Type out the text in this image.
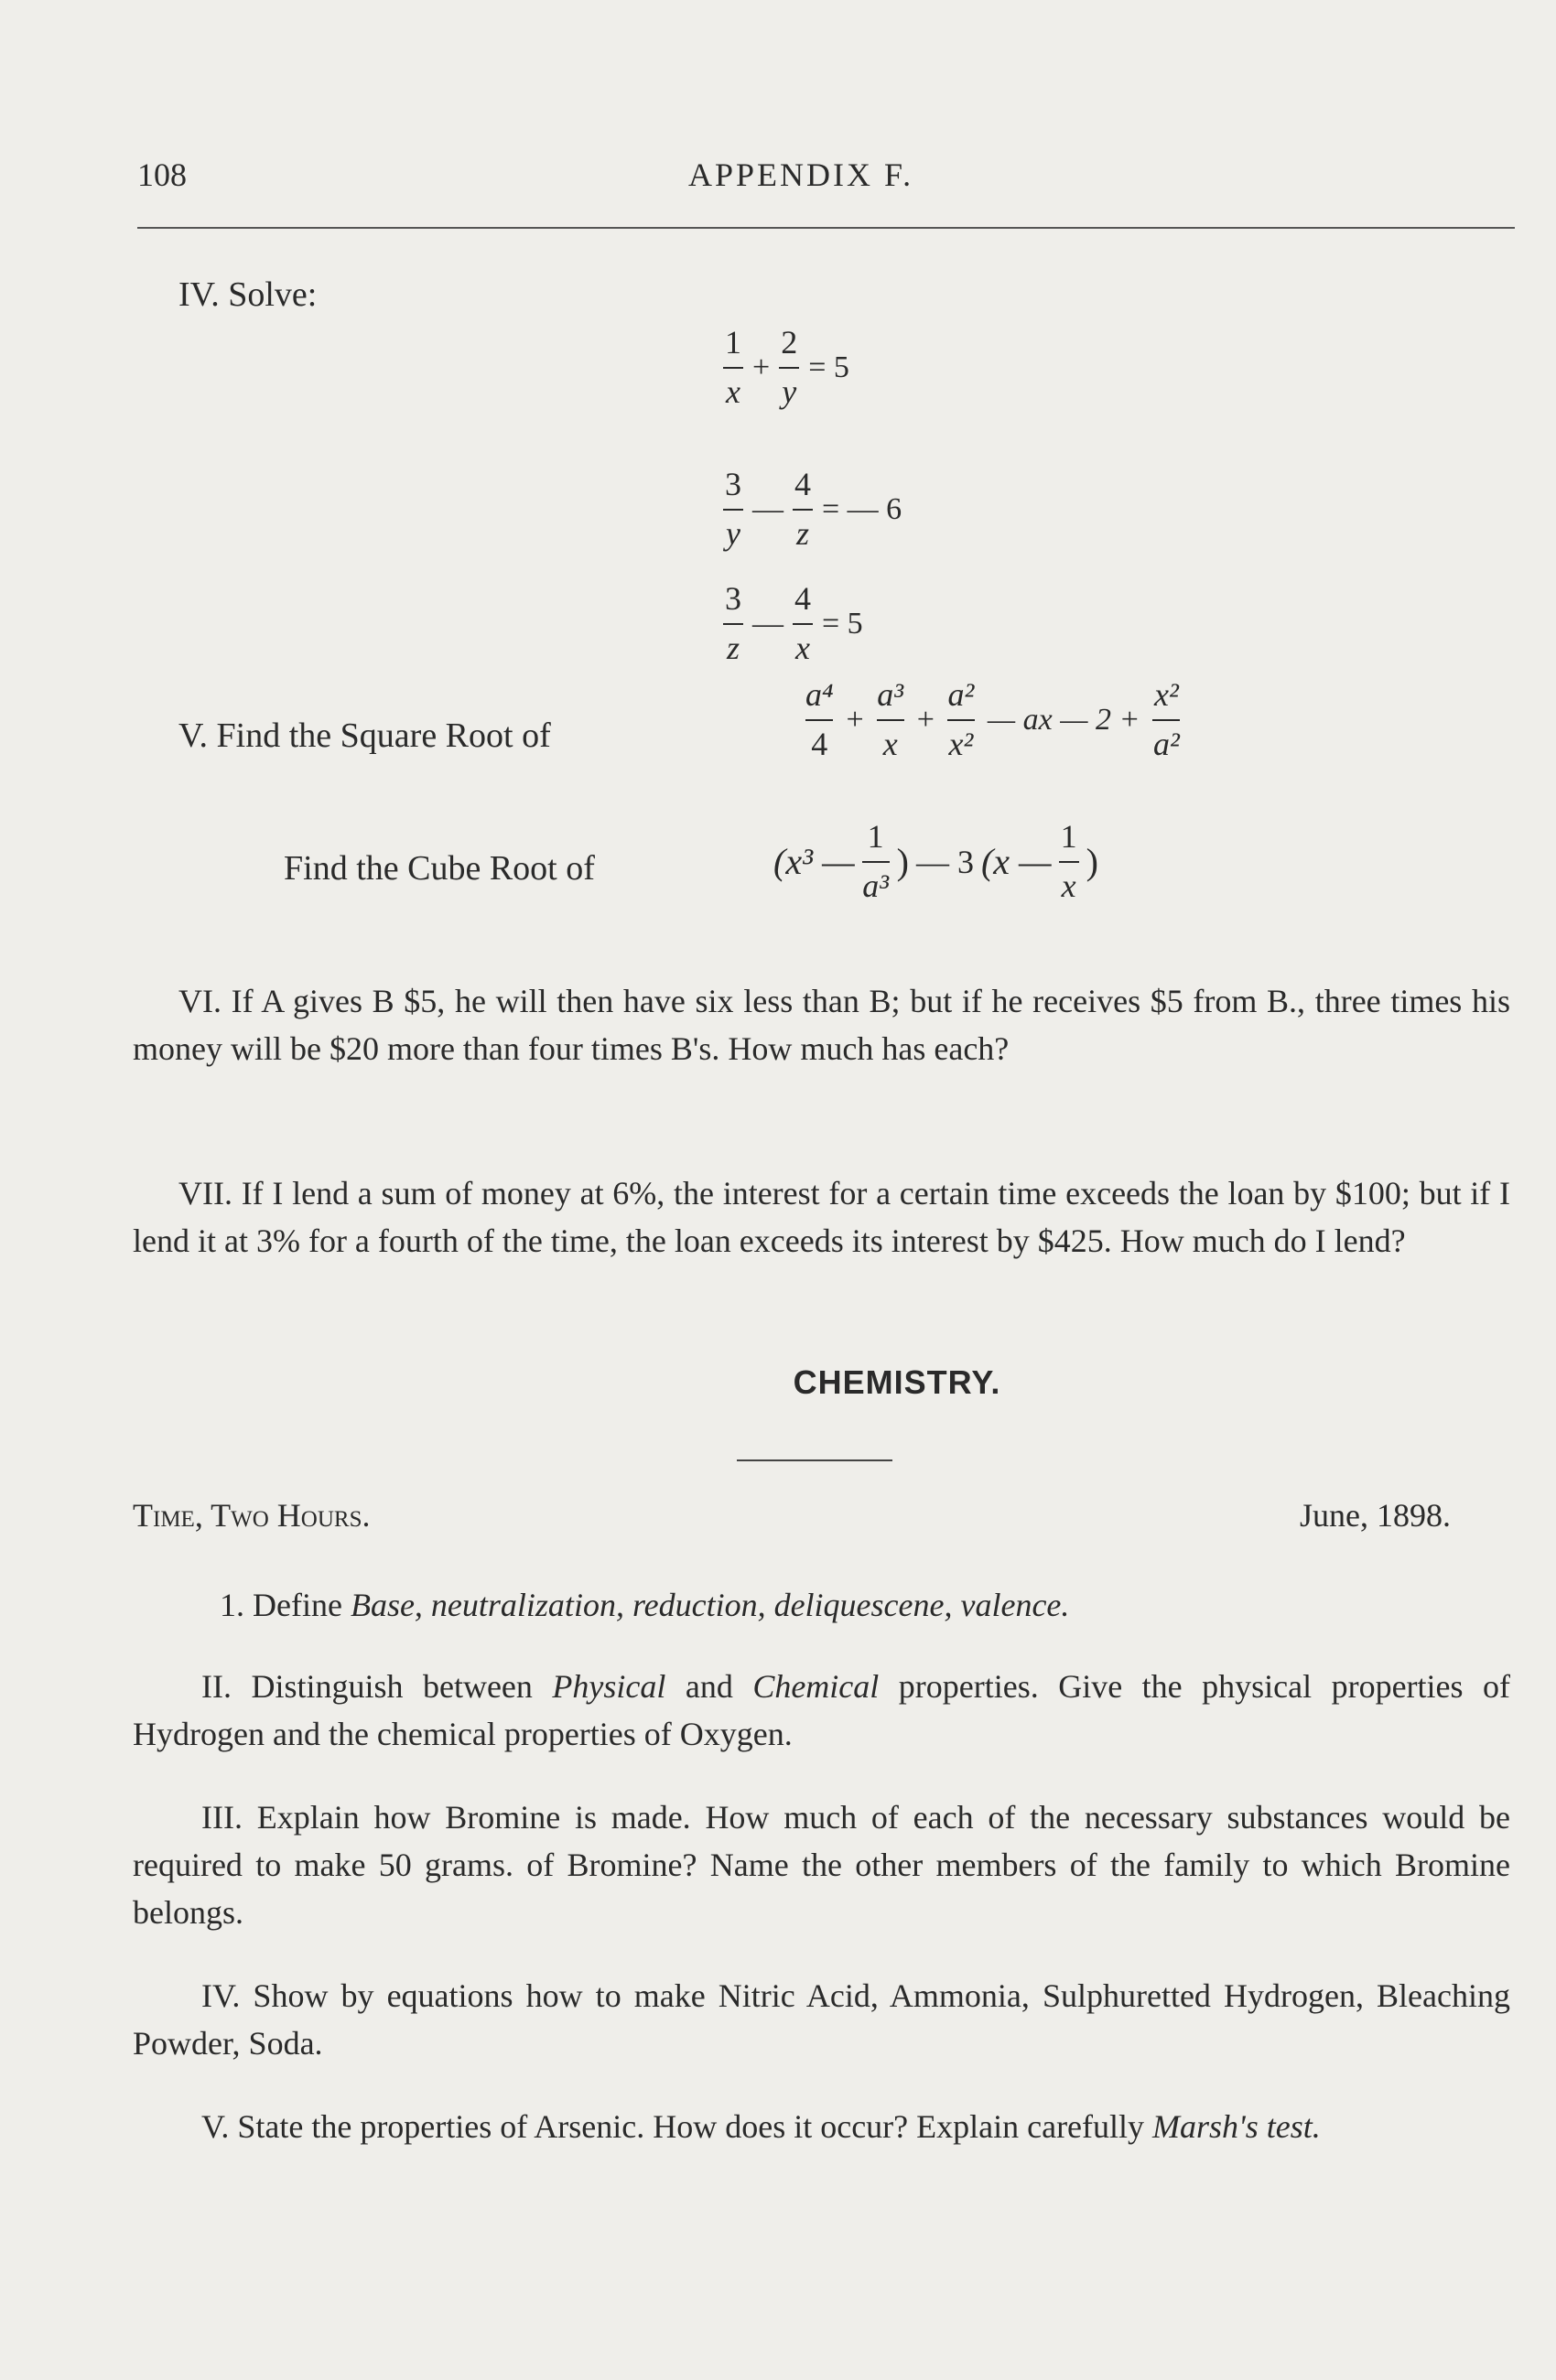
108	APPENDIX F.
IV. Solve:
$\frac{1}{x} + \frac{2}{y} = 5$
$\frac{3}{y}$ — $\frac{4}{z}$ = — 6
$\frac{3}{z}$ — $\frac{4}{x} = 5$
V. Find the Square Root of	$\frac{\text{a⁴}}{4} + \frac{\text{a³}}{x} + \frac{\text{a²}}{\text{x²}}$ — ax — $2 + \frac{\text{x²}}{\text{a²}}$
Find the Cube Root of	(x³ — $\frac{1}{\text{a³}}$ ) — 3 (x — $\frac{1}{x}$ )
VI. If A gives B $5, he will then have six less than B; but if he receives $5 from B., three times his money will be $20 more than four times B's. How much has each?
VII. If I lend a sum of money at 6%, the interest for a certain time exceeds the loan by $100; but if I lend it at 3% for a fourth of the time, the loan exceeds its interest by $425. How much do I lend?
CHEMISTRY.
Time, Two Hours.	June, 1898.
1. Define Base, neutralization, reduction, deliquescene, valence.
II. Distinguish between Physical and Chemical properties. Give the physical properties of Hydrogen and the chemical properties of Oxygen.
III. Explain how Bromine is made. How much of each of the necessary substances would be required to make 50 grams. of Bromine? Name the other members of the family to which Bromine belongs.
IV. Show by equations how to make Nitric Acid, Ammonia, Sulphuretted Hydrogen, Bleaching Powder, Soda.
V. State the properties of Arsenic. How does it occur? Explain carefully Marsh's test.
